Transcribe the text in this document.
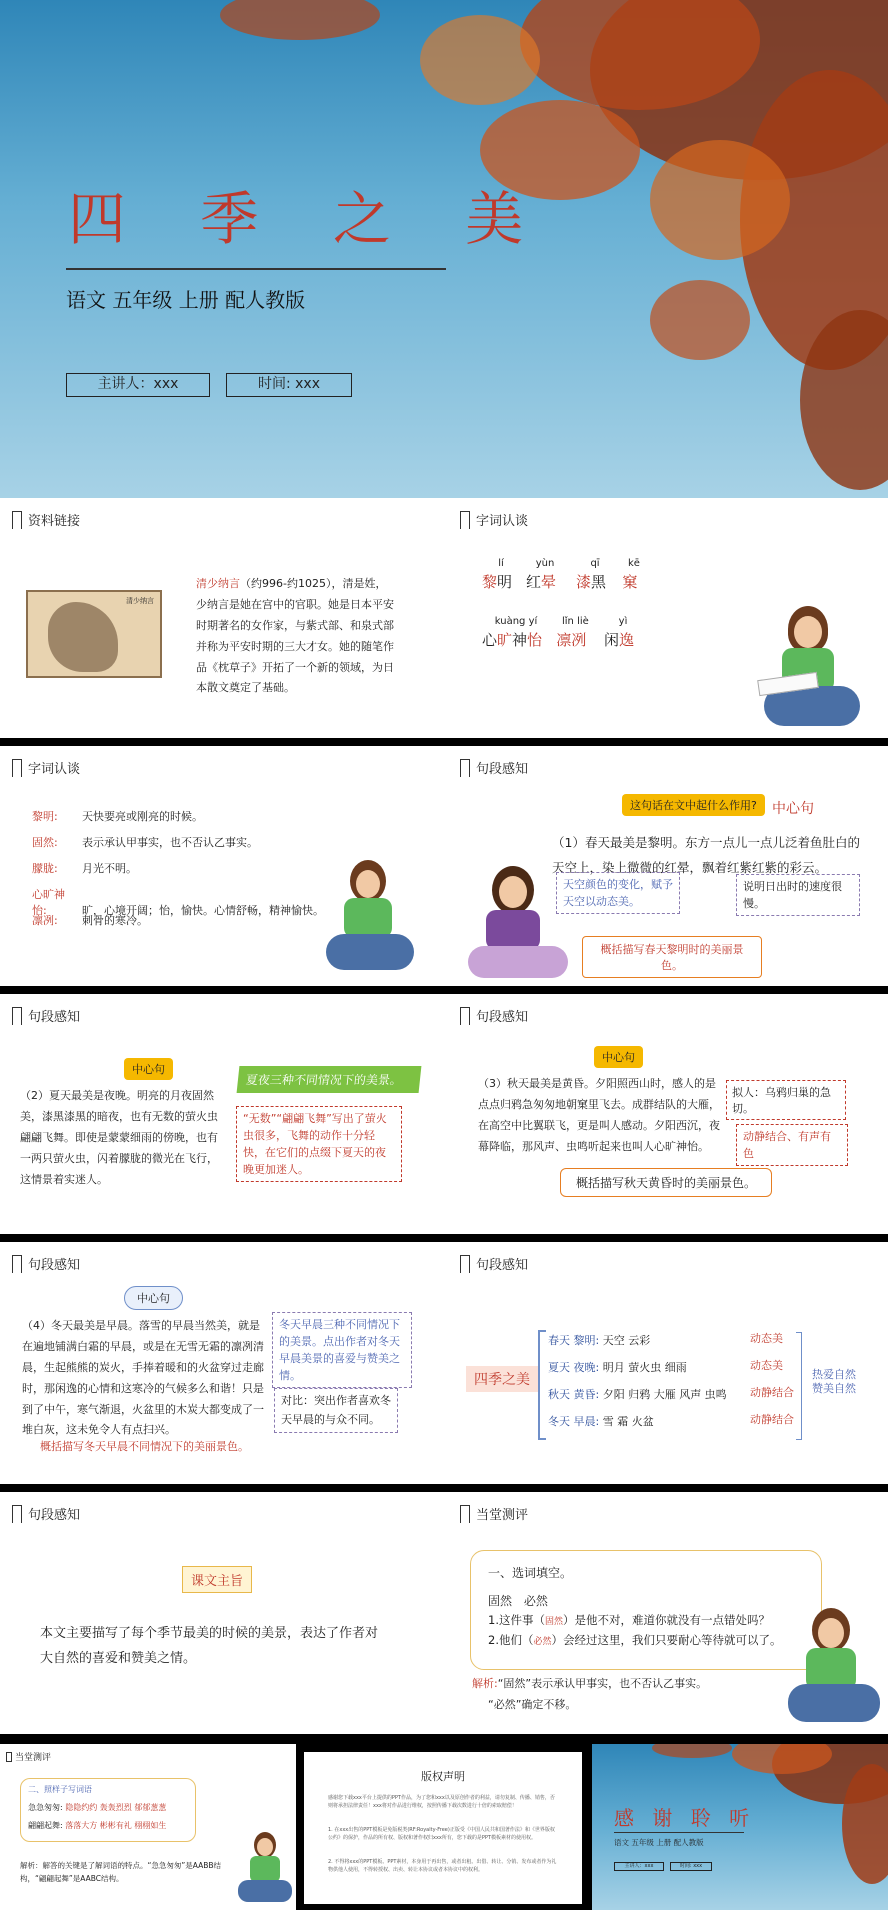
四 季 之 美
语文 五年级 上册 配人教版
主讲人：xxx	时间: xxx
资料链接	字词认谈
清少纳言
清少纳言（约996-约1025），清是姓，少纳言是她在宫中的官职。她是日本平安时期著名的女作家，与紫式部、和泉式部并称为平安时期的三大才女。她的随笔作品《枕草子》开拓了一个新的领域，为日本散文奠定了基础。
lí
黎明
yùn
红晕
qī
漆黑
kē
窠
kuàng yí
心旷神怡
lǐn liè
凛冽
yì
闲逸
字词认谈	句段感知
黎明: 天快要亮或刚亮的时候。
固然: 表示承认甲事实，也不否认乙事实。
朦胧: 月光不明。
心旷神怡:	旷，心境开阔；怡，愉快。心情舒畅，精神愉快。
凛冽: 刺骨的寒冷。
这句话在文中起什么作用?	中心句
（1）春天最美是黎明。东方一点儿一点儿泛着鱼肚白的天空上，染上微微的红晕，飘着红紫红紫的彩云。
天空颜色的变化，赋予天空以动态美。
说明日出时的速度很慢。
概括描写春天黎明时的美丽景色。
句段感知	句段感知
中心句
（2）夏天最美是夜晚。明亮的月夜固然美，漆黑漆黑的暗夜，也有无数的萤火虫翩翩飞舞。即使是蒙蒙细雨的傍晚，也有一两只萤火虫，闪着朦胧的微光在飞行，这情景着实迷人。
夏夜三种不同情况下的美景。
“无数”“翩翩飞舞”写出了萤火虫很多，飞舞的动作十分轻快，在它们的点缀下夏天的夜晚更加迷人。
中心句
（3）秋天最美是黄昏。夕阳照西山时，感人的是点点归鸦急匆匆地朝窠里飞去。成群结队的大雁，在高空中比翼联飞，更是叫人感动。夕阳西沉，夜幕降临，那风声、虫鸣听起来也叫人心旷神怡。
拟人：乌鸦归巢的急切。
动静结合、有声有色
概括描写秋天黄昏时的美丽景色。
句段感知	句段感知
中心句
（4）冬天最美是早晨。落雪的早晨当然美，就是在遍地铺满白霜的早晨，或是在无雪无霜的凛冽清晨，生起熊熊的炭火，手捧着暖和的火盆穿过走廊时，那闲逸的心情和这寒冷的气候多么和谐！只是到了中午，寒气渐退，火盆里的木炭大都变成了一堆白灰，这未免令人有点扫兴。
冬天早晨三种不同情况下的美景。点出作者对冬天早晨美景的喜爱与赞美之情。
对比：突出作者喜欢冬天早晨的与众不同。
概括描写冬天早晨不同情况下的美丽景色。
四季之美
春天 黎明: 天空 云彩	动态美
夏天 夜晚: 明月 萤火虫 细雨	动态美
秋天 黄昏: 夕阳 归鸦 大雁 风声 虫鸣 动静结合
冬天 早晨: 雪 霜 火盆	动静结合
热爱自然
赞美自然
句段感知	当堂测评
课文主旨
本文主要描写了每个季节最美的时候的美景，表达了作者对大自然的喜爱和赞美之情。
一、选词填空。
固然 必然
1.这件事（固然）是他不对，难道你就没有一点错处吗？
2.他们（必然）会经过这里，我们只要耐心等待就可以了。
解析:“固然”表示承认甲事实，也不否认乙事实。
“必然”确定不移。
当堂测评
二、照样子写词语
急急匆匆: 隐隐约约 轰轰烈烈 郁郁葱葱
翩翩起舞: 落落大方 彬彬有礼 栩栩如生
解析：解答的关键是了解词语的特点。“急急匆匆”是AABB结构，“翩翩起舞”是AABC结构。
版权声明
感谢您下载xxx平台上提供的PPT作品，为了您和xxx以及原创作者的利益，请勿复制、传播、销售，否则将承担法律责任！xxx将对作品进行维权，按照传播下载次数进行十倍的索取赔偿！
1. 在xxx出售的PPT模板是免版税类(RF:Royalty-Free)正版受《中国人民共和国著作法》和《世界版权公约》的保护，作品的所有权、版权和著作权归xxx所有，您下载的是PPT模板素材的使用权。
2. 不得将xxx的PPT模板、PPT素材，本身用于再出售，或者出租、出借、转让、分销、发布或者作为礼物供他人使用，不得转授权、出卖、转让本协议或者本协议中的权利。
感 谢 聆 听
语文 五年级 上册 配人教版
主讲人：xxx	时间: xxx
